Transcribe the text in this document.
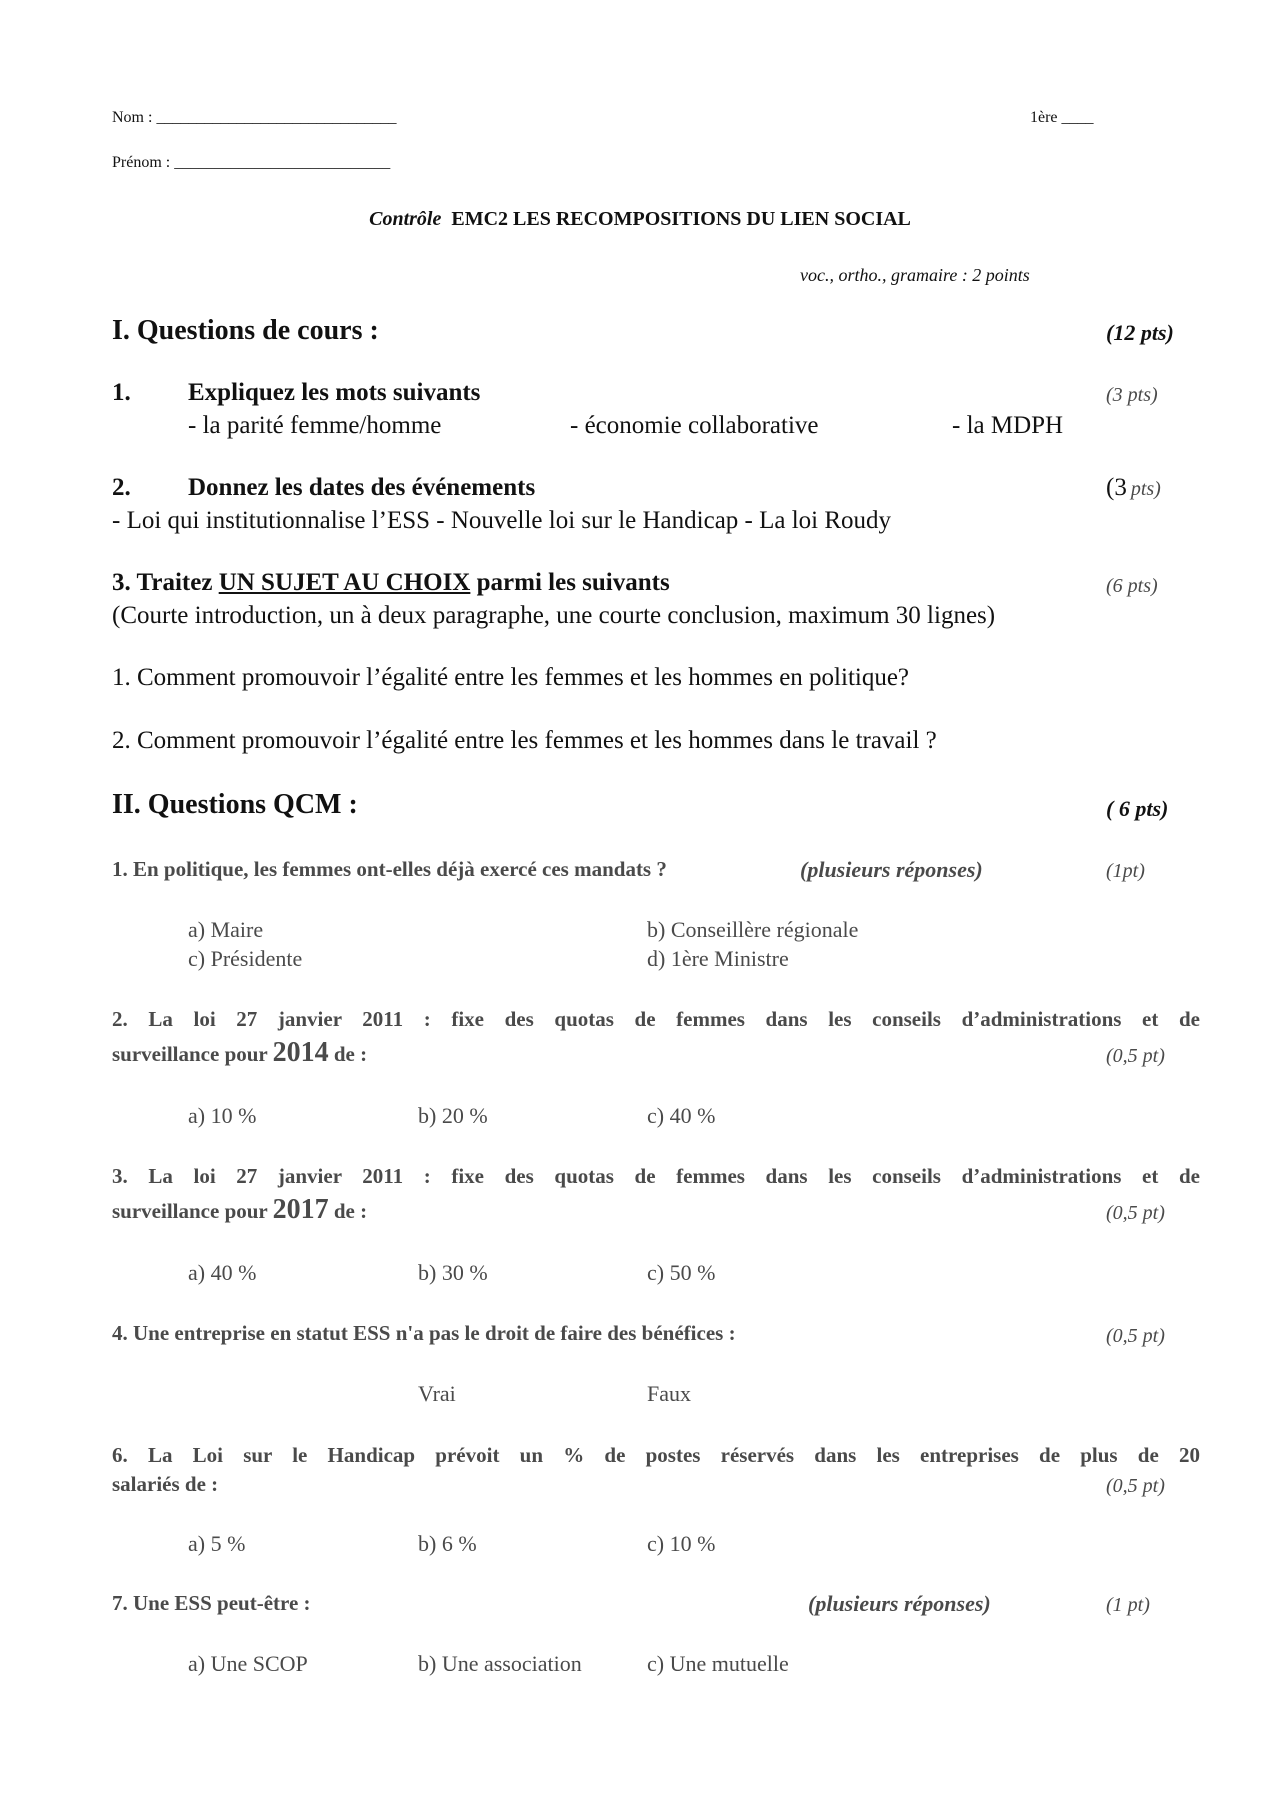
Nom : ______________________________	1ère ____
Prénom : ___________________________
Contrôle EMC2 LES RECOMPOSITIONS DU LIEN SOCIAL
voc., ortho., gramaire : 2 points
I. Questions de cours :	(12 pts)
1. Expliquez les mots suivants	(3 pts)
- la parité femme/homme	- économie collaborative	- la MDPH
2. Donnez les dates des événements	(3 pts)
- Loi qui institutionnalise l’ESS - Nouvelle loi sur le Handicap - La loi Roudy
3. Traitez UN SUJET AU CHOIX parmi les suivants	(6 pts)
(Courte introduction, un à deux paragraphe, une courte conclusion, maximum 30 lignes)
1. Comment promouvoir l’égalité entre les femmes et les hommes en politique?
2. Comment promouvoir l’égalité entre les femmes et les hommes dans le travail ?
II. Questions QCM :	( 6 pts)
1. En politique, les femmes ont-elles déjà exercé ces mandats ?	(plusieurs réponses)	(1pt)
a) Maire	b) Conseillère régionale
c) Présidente	d) 1ère Ministre
2. La loi 27 janvier 2011 : fixe des quotas de femmes dans les conseils d’administrations et de
surveillance pour 2014 de :	(0,5 pt)
a) 10 %	b) 20 %	c) 40 %
3. La loi 27 janvier 2011 : fixe des quotas de femmes dans les conseils d’administrations et de
surveillance pour 2017 de :	(0,5 pt)
a) 40 %	b) 30 %	c) 50 %
4. Une entreprise en statut ESS n'a pas le droit de faire des bénéfices :	(0,5 pt)
Vrai	Faux
6. La Loi sur le Handicap prévoit un % de postes réservés dans les entreprises de plus de 20
salariés de :	(0,5 pt)
a) 5 %	b) 6 %	c) 10 %
7. Une ESS peut-être :	(plusieurs réponses)	(1 pt)
a) Une SCOP	b) Une association	c) Une mutuelle
